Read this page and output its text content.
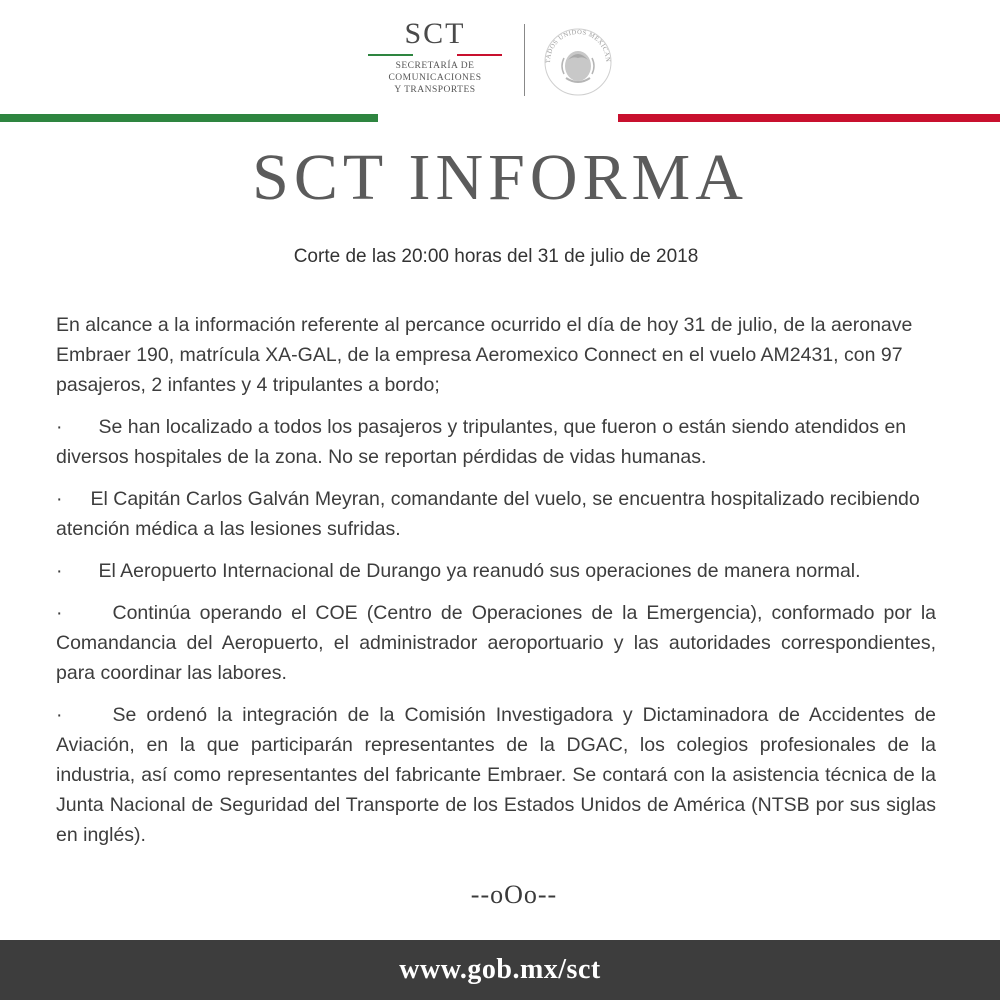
SCT
SECRETARÍA DE
COMUNICACIONES
Y TRANSPORTES
TADOS UNIDOS MEXICAN
SCT INFORMA
Corte de las 20:00 horas del 31 de julio de 2018

En alcance a la información referente al percance ocurrido el día de hoy 31 de julio, de la aeronave Embraer 190, matrícula XA-GAL, de la empresa Aeromexico Connect en el vuelo AM2431, con 97 pasajeros, 2 infantes y 4 tripulantes a bordo;

· Se han localizado a todos los pasajeros y tripulantes, que fueron o están siendo atendidos en diversos hospitales de la zona. No se reportan pérdidas de vidas humanas.

· El Capitán Carlos Galván Meyran, comandante del vuelo, se encuentra hospitalizado recibiendo atención médica a las lesiones sufridas.

· El Aeropuerto Internacional de Durango ya reanudó sus operaciones de manera normal.

·	Continúa operando el COE (Centro de Operaciones de la Emergencia), conformado por la Comandancia del Aeropuerto, el administrador aeroportuario y las autoridades correspondientes, para coordinar las labores.

·	Se ordenó la integración de la Comisión Investigadora y Dictaminadora de Accidentes de Aviación, en la que participarán representantes de la DGAC, los colegios profesionales de la industria, así como representantes del fabricante Embraer. Se contará con la asistencia técnica de la Junta Nacional de Seguridad del Transporte de los Estados Unidos de América (NTSB por sus siglas en inglés).

--oOo--
www.gob.mx/sct
